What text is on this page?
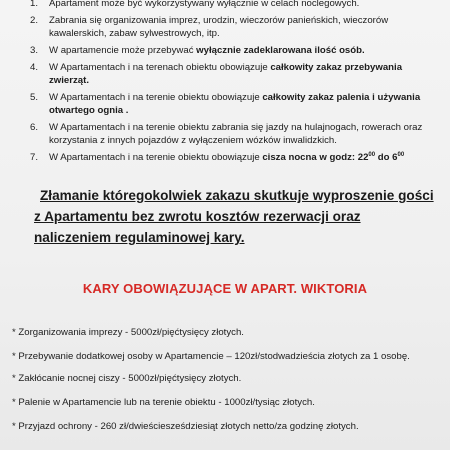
1. Apartament może być wykorzystywany wyłącznie w celach noclegowych.
2. Zabrania się organizowania imprez, urodzin, wieczorów panieńskich, wieczorów kawalerskich, zabaw sylwestrowych, itp.
3. W apartamencie może przebywać wyłącznie zadeklarowana ilość osób.
4. W Apartamentach i na terenach obiektu obowiązuje całkowity zakaz przebywania zwierząt.
5. W Apartamentach i na terenie obiektu obowiązuje całkowity zakaz palenia i używania otwartego ognia .
6. W Apartamentach i na terenie obiektu zabrania się jazdy na hulajnogach, rowerach oraz korzystania z innych pojazdów z wyłączeniem wózków inwalidzkich.
7. W Apartamentach i na terenie obiektu obowiązuje cisza nocna w godz: $22^{00}$ do $6^{00}$
Złamanie któregokolwiek zakazu skutkuje wyproszenie gości
z Apartamentu bez zwrotu kosztów rezerwacji oraz
naliczeniem regulaminowej kary.
KARY OBOWIĄZUJĄCE W APART. WIKTORIA
* Zorganizowania imprezy - 5000zł/pięćtysięcy złotych.
* Przebywanie dodatkowej osoby w Apartamencie – 120zł/stodwadzieścia złotych za 1 osobę.
* Zakłócanie nocnej ciszy - 5000zł/pięćtysięcy złotych.
* Palenie w Apartamencie lub na terenie obiektu - 1000zł/tysiąc złotych.
* Przyjazd ochrony - 260 zł/dwieściesześdziesiąt złotych netto/za godzinę złotych.
